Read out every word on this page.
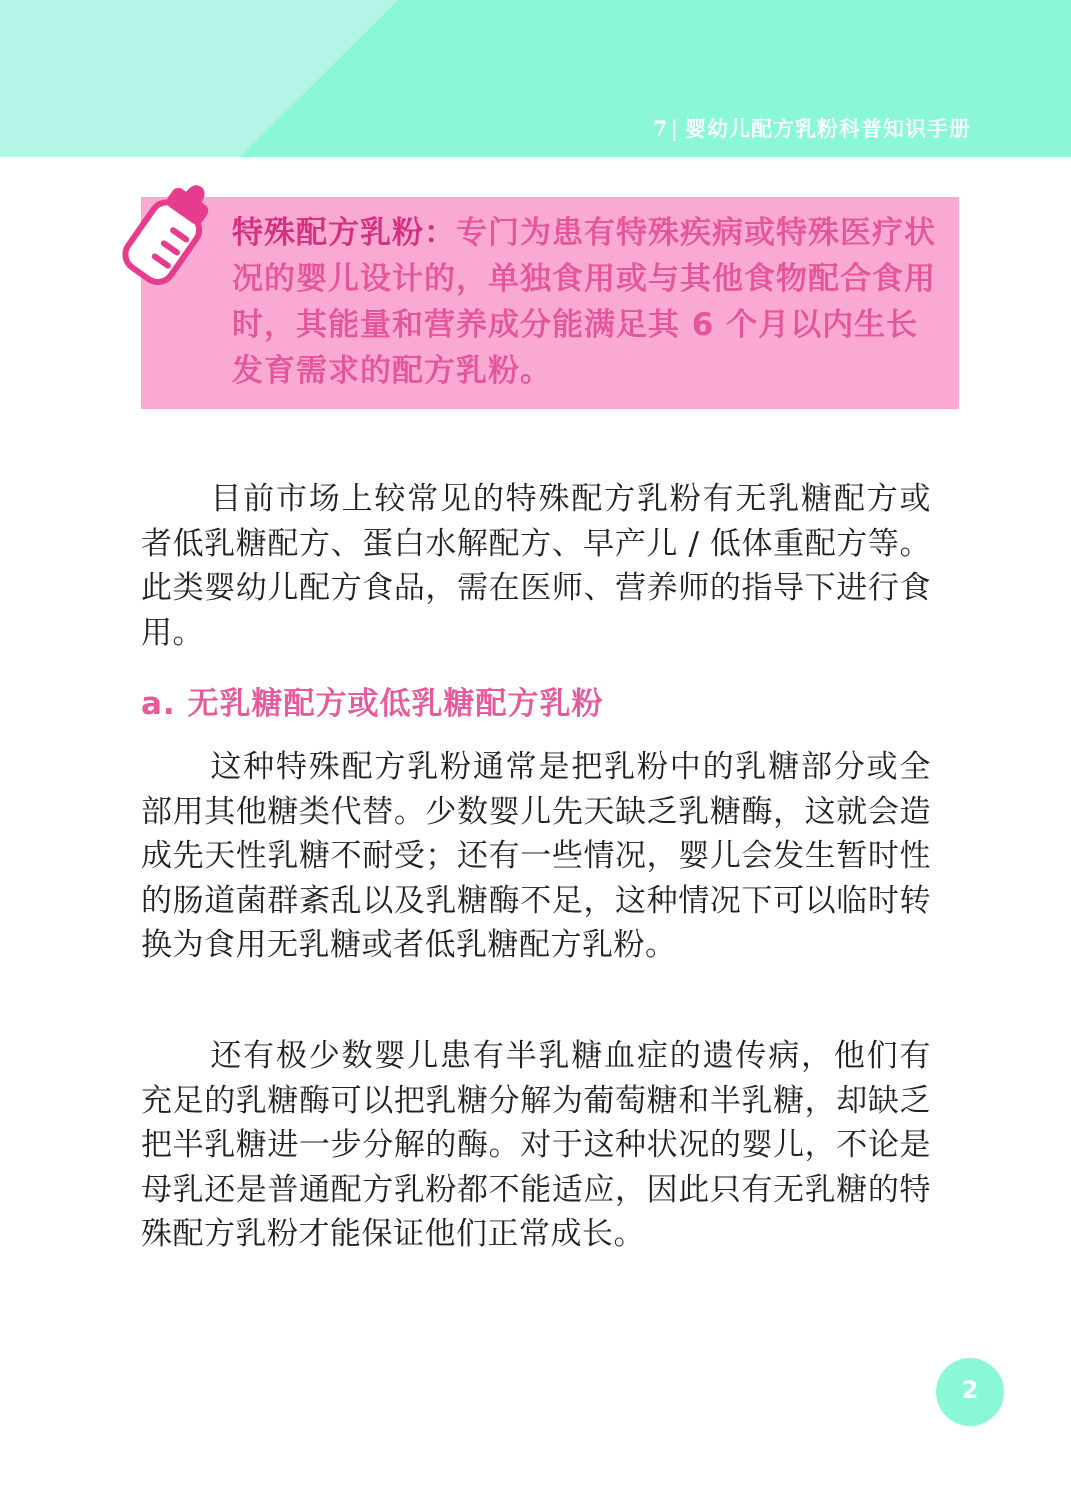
7| 婴幼儿配方乳粉科普知识手册
特殊配方乳粉：专门为患有特殊疾病或特殊医疗状况的婴儿设计的，单独食用或与其他食物配合食用时，其能量和营养成分能满足其 6 个月以内生长发育需求的配方乳粉。
目前市场上较常见的特殊配方乳粉有无乳糖配方或者低乳糖配方、蛋白水解配方、早产儿 / 低体重配方等。此类婴幼儿配方食品，需在医师、营养师的指导下进行食用。
a. 无乳糖配方或低乳糖配方乳粉
这种特殊配方乳粉通常是把乳粉中的乳糖部分或全部用其他糖类代替。少数婴儿先天缺乏乳糖酶，这就会造成先天性乳糖不耐受；还有一些情况，婴儿会发生暂时性的肠道菌群紊乱以及乳糖酶不足，这种情况下可以临时转换为食用无乳糖或者低乳糖配方乳粉。
还有极少数婴儿患有半乳糖血症的遗传病，他们有充足的乳糖酶可以把乳糖分解为葡萄糖和半乳糖，却缺乏把半乳糖进一步分解的酶。对于这种状况的婴儿，不论是母乳还是普通配方乳粉都不能适应，因此只有无乳糖的特殊配方乳粉才能保证他们正常成长。
2
